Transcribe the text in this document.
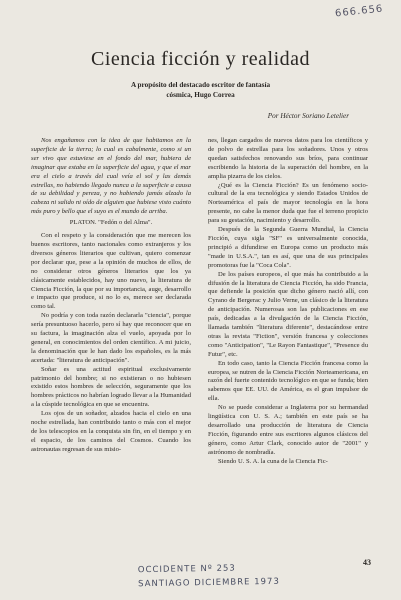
666.656
Ciencia ficción y realidad
A propósito del destacado escritor de fantasía
cósmica, Hugo Correa
Por Héctor Soriano Letelier

Nos engañamos con la idea de que habitamos en la superficie de la tierra; lo cual es cabalmente, como si un ser vivo que estuviese en el fondo del mar, hubiera de imaginar que estaba en la superficie del agua, y que el mar era el cielo a través del cual veía el sol y las demás estrellas, no habiendo llegado nunca a la superficie a causa de su debilidad y pereza, y no habiendo jamás alzado la cabeza ni salido ni oído de alguien que hubiese visto cuánto más puro y bello que el suyo es el mundo de arriba.

PLATON. "Fedón o del Alma".

Con el respeto y la consideración que me merecen los buenos escritores, tanto nacionales como extranjeros y los diversos géneros literarios que cultivan, quiero comenzar por declarar que, pese a la opinión de muchos de ellos, de no considerar otros géneros literarios que los ya clásicamente establecidos, hay uno nuevo, la literatura de Ciencia Ficción, la que por su importancia, auge, desarrollo e impacto que produce, si no lo es, merece ser declarada como tal.

No podría y con toda razón declararla "ciencia", porque sería presuntuoso hacerlo, pero sí hay que reconocer que en su factura, la imaginación alza el vuelo, apoyada por lo general, en conocimientos del orden científico. A mi juicio, la denominación que le han dado los españoles, es la más acertada: "literatura de anticipación".

Soñar es una actitud espiritual exclusivamente patrimonio del hombre; si no existieran o no hubiesen existido estos hombres de selección, seguramente que los hombres prácticos no habrían logrado llevar a la Humanidad a la cúspide tecnológica en que se encuentra.

Los ojos de un soñador, alzados hacia el cielo en una noche estrellada, han contribuido tanto o más con el mejor de los telescopios en la conquista sin fin, en el tiempo y en el espacio, de los caminos del Cosmos. Cuando los astronautas regresan de sus misio-

nes, llegan cargados de nuevos datos para los científicos y de polvo de estrellas para los soñadores. Unos y otros quedan satisfechos renovando sus bríos, para continuar escribiendo la historia de la superación del hombre, en la amplia pizarra de los cielos.

¿Qué es la Ciencia Ficción? Es un fenómeno socio-cultural de la era tecnológica y siendo Estados Unidos de Norteamérica el país de mayor tecnología en la hora presente, no cabe la menor duda que fue el terreno propicio para su gestación, nacimiento y desarrollo.

Después de la Segunda Guerra Mundial, la Ciencia Ficción, cuya sigla "SF" es universalmente conocida, principió a difundirse en Europa como un producto más "made in U.S.A.", tan es así, que una de sus principales promotoras fue la "Coca Cola".

De los países europeos, el que más ha contribuido a la difusión de la literatura de Ciencia Ficción, ha sido Francia, que defiende la posición que dicho género nació allí, con Cyrano de Bergerac y Julio Verne, un clásico de la literatura de anticipación. Numerosas son las publicaciones en ese país, dedicadas a la divulgación de la Ciencia Ficción, llamada también "literatura diferente", destacándose entre otras la revista "Fiction", versión francesa y colecciones como "Anticipation", "Le Rayon Fantastique", "Presence du Futur", etc.

En todo caso, tanto la Ciencia Ficción francesa como la europea, se nutren de la Ciencia Ficción Norteamericana, en razón del fuerte contenido tecnológico en que se funda; bien sabemos que EE. UU. de América, es el gran impulsor de ella.

No se puede considerar a Inglaterra por su hermandad lingüística con U. S. A.; también en este país se ha desarrollado una producción de literatura de Ciencia Ficción, figurando entre sus escritores algunos clásicos del género, como Artur Clark, conocido autor de "2001" y astrónomo de nombradía.

Siendo U. S. A. la cuna de la Ciencia Fic-

43
OCCIDENTE Nº 253
SANTIAGO DICIEMBRE 1973
